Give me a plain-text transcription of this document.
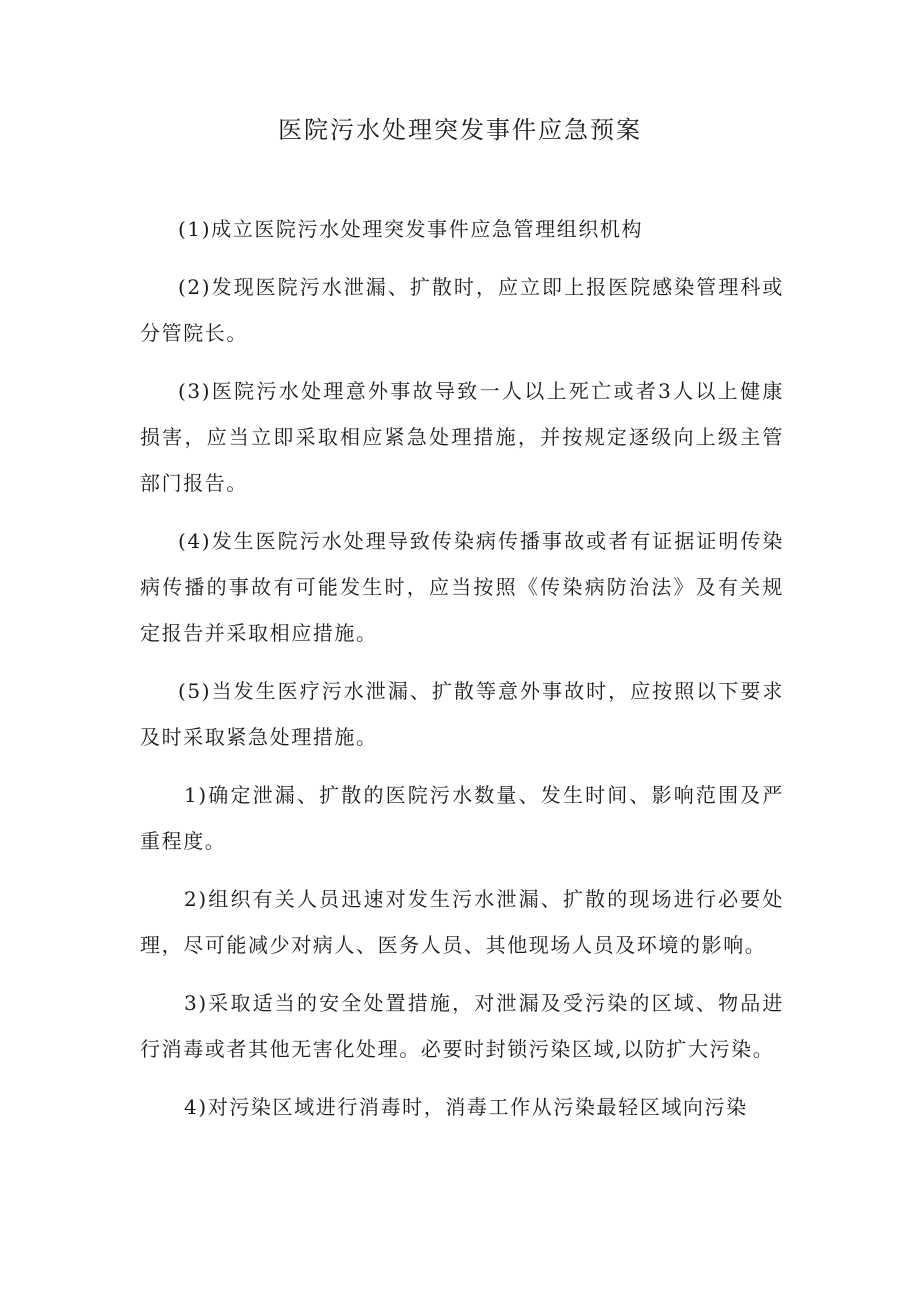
医院污水处理突发事件应急预案

(1)成立医院污水处理突发事件应急管理组织机构

(2)发现医院污水泄漏、扩散时，应立即上报医院感染管理科或分管院长。

(3)医院污水处理意外事故导致一人以上死亡或者3人以上健康损害，应当立即采取相应紧急处理措施，并按规定逐级向上级主管部门报告。

(4)发生医院污水处理导致传染病传播事故或者有证据证明传染病传播的事故有可能发生时，应当按照《传染病防治法》及有关规定报告并采取相应措施。

(5)当发生医疗污水泄漏、扩散等意外事故时，应按照以下要求及时采取紧急处理措施。

1)确定泄漏、扩散的医院污水数量、发生时间、影响范围及严重程度。

2)组织有关人员迅速对发生污水泄漏、扩散的现场进行必要处理，尽可能减少对病人、医务人员、其他现场人员及环境的影响。

3)采取适当的安全处置措施，对泄漏及受污染的区域、物品进行消毒或者其他无害化处理。必要时封锁污染区域,以防扩大污染。

4)对污染区域进行消毒时，消毒工作从污染最轻区域向污染
